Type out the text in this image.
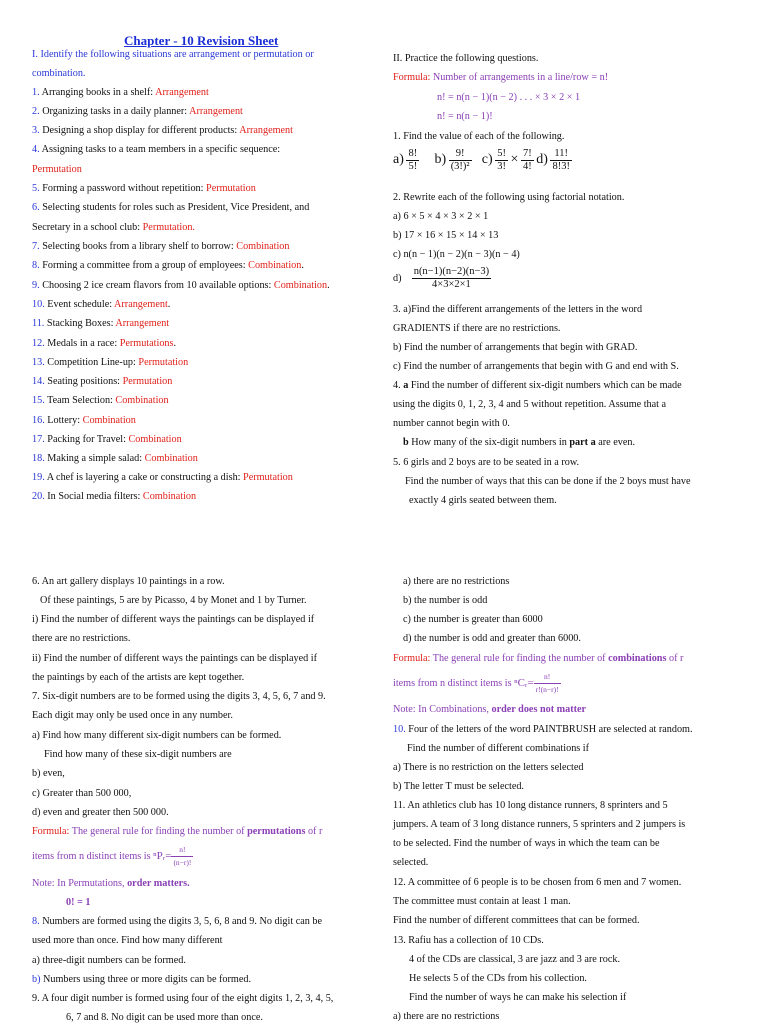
Chapter - 10 Revision Sheet
I. Identify the following situations are arrangement or permutation or
combination.
1. Arranging books in a shelf: Arrangement
2. Organizing tasks in a daily planner: Arrangement
3. Designing a shop display for different products: Arrangement
4. Assigning tasks to a team members in a specific sequence:
Permutation
5. Forming a password without repetition: Permutation
6. Selecting students for roles such as President, Vice President, and
Secretary in a school club: Permutation.
7. Selecting books from a library shelf to borrow: Combination
8. Forming a committee from a group of employees: Combination.
9. Choosing 2 ice cream flavors from 10 available options: Combination.
10. Event schedule: Arrangement.
11. Stacking Boxes: Arrangement
12. Medals in a race: Permutations.
13. Competition Line-up: Permutation
14. Seating positions: Permutation
15. Team Selection: Combination
16. Lottery: Combination
17. Packing for Travel: Combination
18. Making a simple salad: Combination
19. A chef is layering a cake or constructing a dish: Permutation
20. In Social media filters: Combination
II. Practice the following questions.
Formula: Number of arrangements in a line/row = n!
n! = n(n − 1)(n − 2) . . . × 3 × 2 × 1
n! = n(n − 1)!
1. Find the value of each of the following.
$a) \frac{8!}{5!} b) \frac{9!}{\text{(3!)²}} c) \frac{5!}{3!} \times \frac{7!}{4!} d) \frac{11!}{8!3!}$
2. Rewrite each of the following using factorial notation.
a) 6 × 5 × 4 × 3 × 2 × 1
b) 17 × 16 × 15 × 14 × 13
c) n(n − 1)(n − 2)(n − 3)(n − 4)
$d) \frac{n(n-1)(n-2)(n-3)}{4\times 3\times 2\times 1}$
3. a)Find the different arrangements of the letters in the word
GRADIENTS if there are no restrictions.
b) Find the number of arrangements that begin with GRAD.
c) Find the number of arrangements that begin with G and end with S.
4. a Find the number of different six-digit numbers which can be made
using the digits 0, 1, 2, 3, 4 and 5 without repetition. Assume that a
number cannot begin with 0.
b How many of the six-digit numbers in part a are even.
5. 6 girls and 2 boys are to be seated in a row.
Find the number of ways that this can be done if the 2 boys must have
exactly 4 girls seated between them.
6. An art gallery displays 10 paintings in a row.
Of these paintings, 5 are by Picasso, 4 by Monet and 1 by Turner.
i) Find the number of different ways the paintings can be displayed if
there are no restrictions.
ii) Find the number of different ways the paintings can be displayed if
the paintings by each of the artists are kept together.
7. Six-digit numbers are to be formed using the digits 3, 4, 5, 6, 7 and 9.
Each digit may only be used once in any number.
a) Find how many different six-digit numbers can be formed.
Find how many of these six-digit numbers are
b) even,
c) Greater than 500 000,
d) even and greater then 500 000.
Formula: The general rule for finding the number of permutations of r
items from n distinct items is ⁿPᵣ= $\frac{n!}{(n-r)!}$
Note: In Permutations, order matters.
0! = 1
8. Numbers are formed using the digits 3, 5, 6, 8 and 9. No digit can be
used more than once. Find how many different
a) three-digit numbers can be formed.
b) Numbers using three or more digits can be formed.
9. A four digit number is formed using four of the eight digits 1, 2, 3, 4, 5,
6, 7 and 8. No digit can be used more than once.
a) there are no restrictions
b) the number is odd
c) the number is greater than 6000
d) the number is odd and greater than 6000.
Formula: The general rule for finding the number of combinations of r
items from n distinct items is ⁿCᵣ= $\frac{n!}{r!(n-r)!}$
Note: In Combinations, order does not matter
10. Four of the letters of the word PAINTBRUSH are selected at random.
Find the number of different combinations if
a) There is no restriction on the letters selected
b) The letter T must be selected.
11. An athletics club has 10 long distance runners, 8 sprinters and 5
jumpers. A team of 3 long distance runners, 5 sprinters and 2 jumpers is
to be selected. Find the number of ways in which the team can be
selected.
12. A committee of 6 people is to be chosen from 6 men and 7 women.
The committee must contain at least 1 man.
Find the number of different committees that can be formed.
13. Rafiu has a collection of 10 CDs.
4 of the CDs are classical, 3 are jazz and 3 are rock.
He selects 5 of the CDs from his collection.
Find the number of ways he can make his selection if
a) there are no restrictions
